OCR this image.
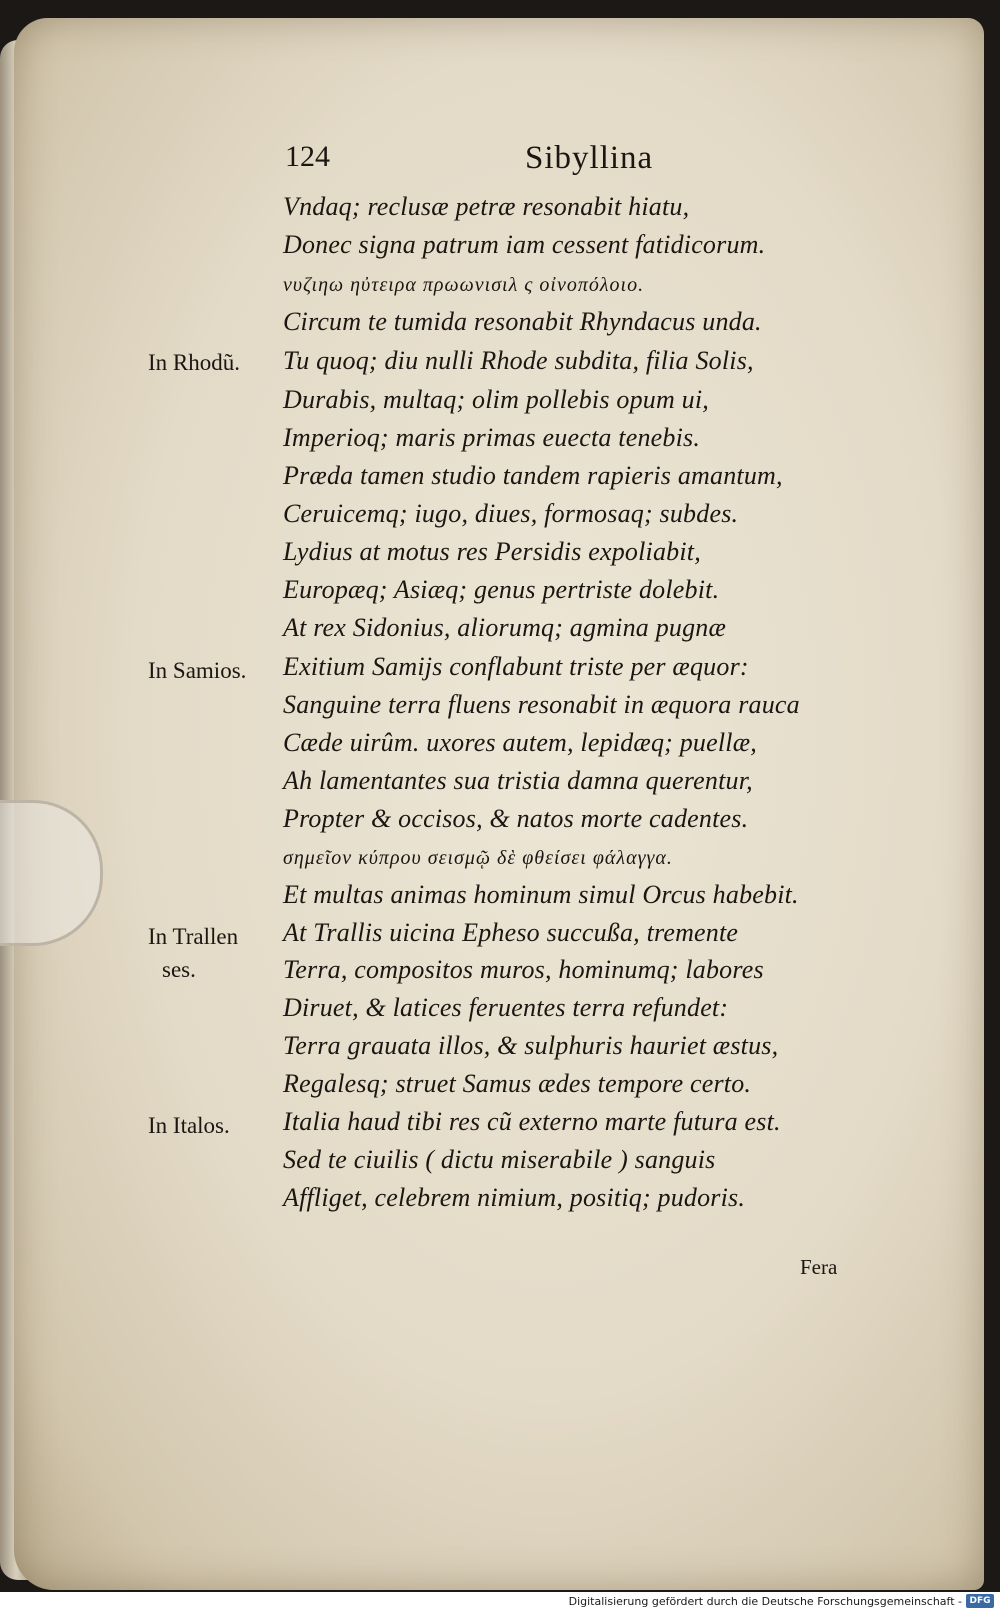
124	Sibyllina
Vndaq; reclusæ petræ resonabit hiatu,
Donec signa patrum iam cessent fatidicorum.
νυζιηω ηὐτειρα πρωωνισιλ ς οἰνοπόλοιο.
Circum te tumida resonabit Rhyndacus unda.
Tu quoq; diu nulli Rhode subdita, filia Solis,
Durabis, multaq; olim pollebis opum ui,
Imperioq; maris primas euecta tenebis.
Præda tamen studio tandem rapieris amantum,
Ceruicemq; iugo, diues, formosaq; subdes.
Lydius at motus res Persidis expoliabit,
Europæq; Asiæq; genus pertriste dolebit.
At rex Sidonius, aliorumq; agmina pugnæ
Exitium Samijs conflabunt triste per æquor:
Sanguine terra fluens resonabit in æquora rauca
Cæde uirûm. uxores autem, lepidæq; puellæ,
Ah lamentantes sua tristia damna querentur,
Propter & occisos, & natos morte cadentes.
σημεῖον κύπρου σεισμῷ δὲ φθείσει φάλαγγα.
Et multas animas hominum simul Orcus habebit.
At Trallis uicina Epheso succußa, tremente
Terra, compositos muros, hominumq; labores
Diruet, & latices feruentes terra refundet:
Terra grauata illos, & sulphuris hauriet æstus,
Regalesq; struet Samus ædes tempore certo.
Italia haud tibi res cũ externo marte futura est.
Sed te ciuilis ( dictu miserabile ) sanguis
Affliget, celebrem nimium, positiq; pudoris.
In Rhodũ.
In Samios.
In Trallen
ses.
In Italos.
Fera
Digitalisierung gefördert durch die Deutsche Forschungsgemeinschaft - DFG
